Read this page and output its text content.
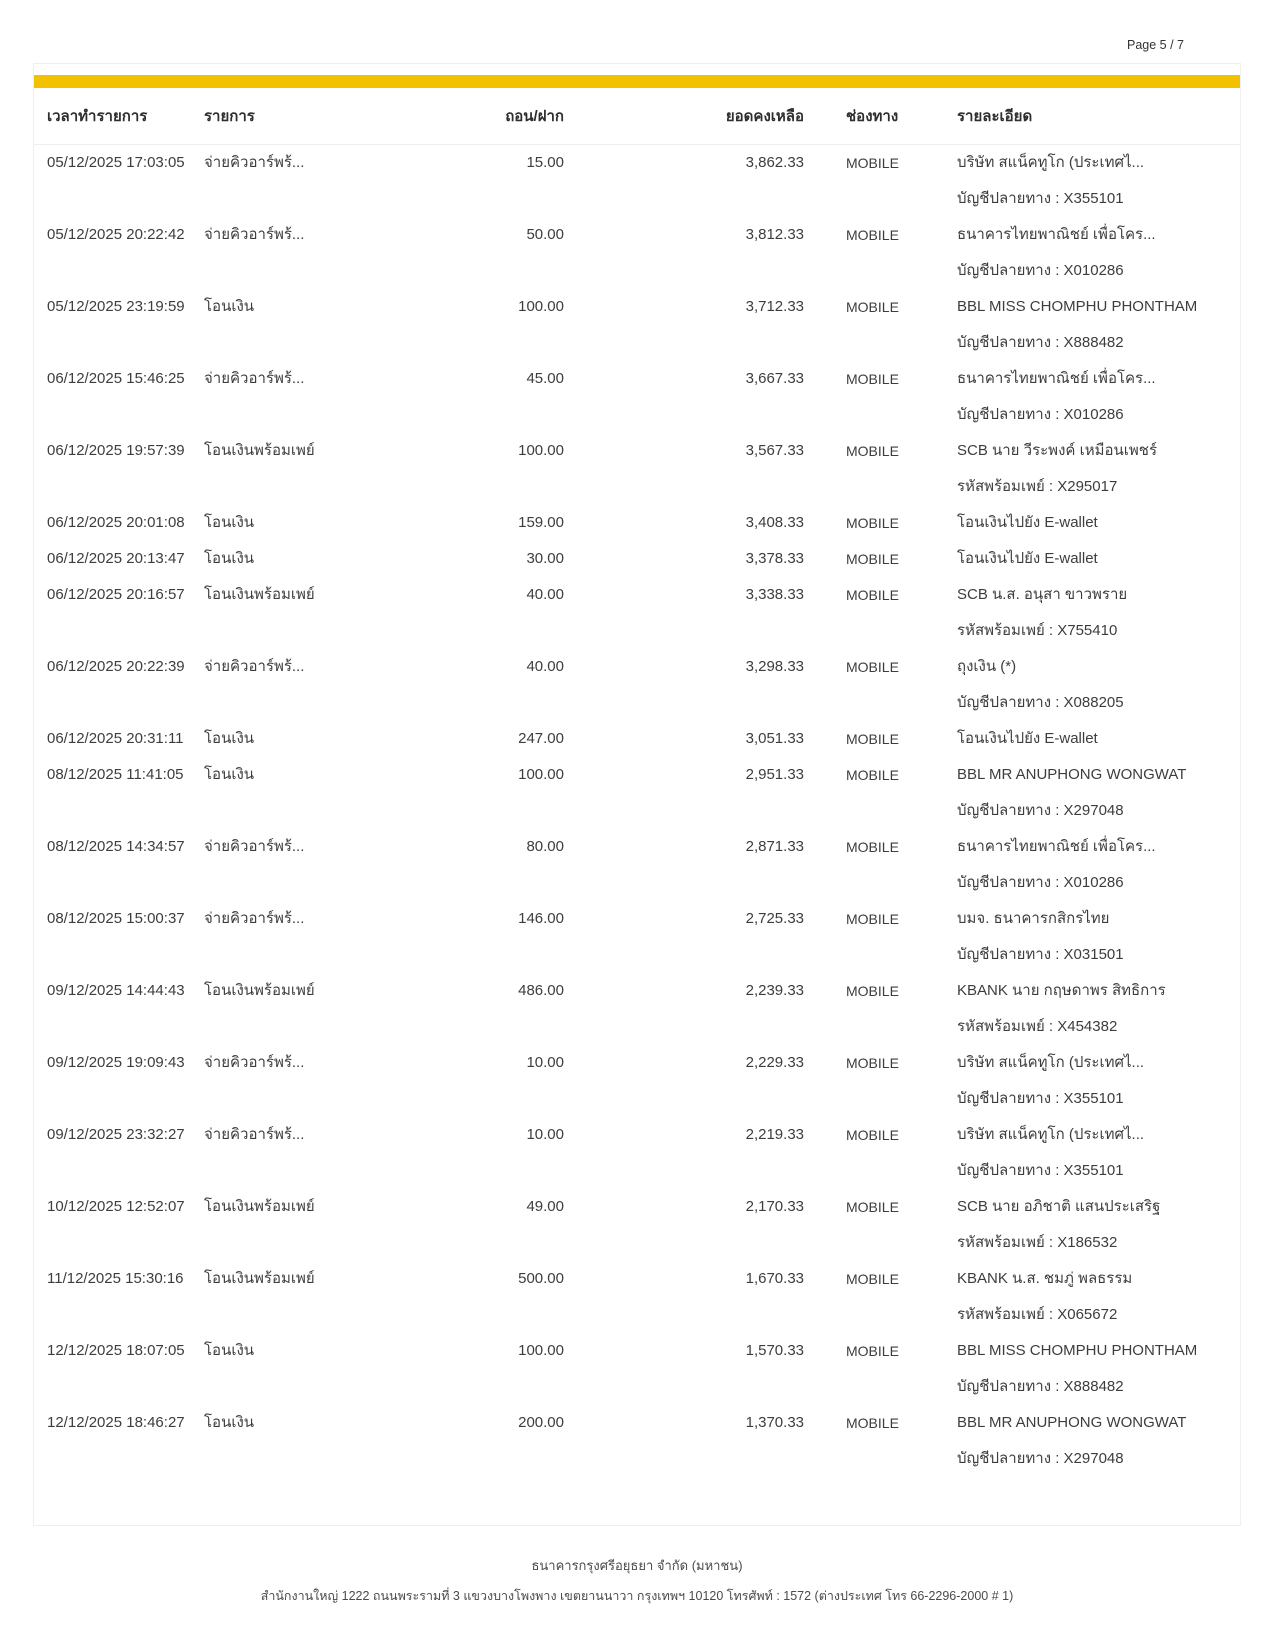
Page 5 / 7
เวลาทำรายการ	รายการ	ถอน/ฝาก	ยอดคงเหลือ	ช่องทาง	รายละเอียด
05/12/2025 17:03:05	จ่ายคิวอาร์พร้...	15.00	3,862.33	MOBILE	บริษัท สแน็คทูโก (ประเทศไ...
บัญชีปลายทาง : X355101
05/12/2025 20:22:42	จ่ายคิวอาร์พร้...	50.00	3,812.33	MOBILE	ธนาคารไทยพาณิชย์ เพื่อโคร...
บัญชีปลายทาง : X010286
05/12/2025 23:19:59	โอนเงิน	100.00	3,712.33	MOBILE	BBL MISS CHOMPHU PHONTHAM
บัญชีปลายทาง : X888482
06/12/2025 15:46:25	จ่ายคิวอาร์พร้...	45.00	3,667.33	MOBILE	ธนาคารไทยพาณิชย์ เพื่อโคร...
บัญชีปลายทาง : X010286
06/12/2025 19:57:39	โอนเงินพร้อมเพย์	100.00	3,567.33	MOBILE	SCB นาย วีระพงค์ เหมือนเพชร์
รหัสพร้อมเพย์ : X295017
06/12/2025 20:01:08	โอนเงิน	159.00	3,408.33	MOBILE	โอนเงินไปยัง E-wallet
06/12/2025 20:13:47	โอนเงิน	30.00	3,378.33	MOBILE	โอนเงินไปยัง E-wallet
06/12/2025 20:16:57	โอนเงินพร้อมเพย์	40.00	3,338.33	MOBILE	SCB น.ส. อนุสา ขาวพราย
รหัสพร้อมเพย์ : X755410
06/12/2025 20:22:39	จ่ายคิวอาร์พร้...	40.00	3,298.33	MOBILE	ถุงเงิน (*)
บัญชีปลายทาง : X088205
06/12/2025 20:31:11	โอนเงิน	247.00	3,051.33	MOBILE	โอนเงินไปยัง E-wallet
08/12/2025 11:41:05	โอนเงิน	100.00	2,951.33	MOBILE	BBL MR ANUPHONG WONGWAT
บัญชีปลายทาง : X297048
08/12/2025 14:34:57	จ่ายคิวอาร์พร้...	80.00	2,871.33	MOBILE	ธนาคารไทยพาณิชย์ เพื่อโคร...
บัญชีปลายทาง : X010286
08/12/2025 15:00:37	จ่ายคิวอาร์พร้...	146.00	2,725.33	MOBILE	บมจ. ธนาคารกสิกรไทย
บัญชีปลายทาง : X031501
09/12/2025 14:44:43	โอนเงินพร้อมเพย์	486.00	2,239.33	MOBILE	KBANK นาย กฤษดาพร สิทธิการ
รหัสพร้อมเพย์ : X454382
09/12/2025 19:09:43	จ่ายคิวอาร์พร้...	10.00	2,229.33	MOBILE	บริษัท สแน็คทูโก (ประเทศไ...
บัญชีปลายทาง : X355101
09/12/2025 23:32:27	จ่ายคิวอาร์พร้...	10.00	2,219.33	MOBILE	บริษัท สแน็คทูโก (ประเทศไ...
บัญชีปลายทาง : X355101
10/12/2025 12:52:07	โอนเงินพร้อมเพย์	49.00	2,170.33	MOBILE	SCB นาย อภิชาติ แสนประเสริฐ
รหัสพร้อมเพย์ : X186532
11/12/2025 15:30:16	โอนเงินพร้อมเพย์	500.00	1,670.33	MOBILE	KBANK น.ส. ชมภู่ พลธรรม
รหัสพร้อมเพย์ : X065672
12/12/2025 18:07:05	โอนเงิน	100.00	1,570.33	MOBILE	BBL MISS CHOMPHU PHONTHAM
บัญชีปลายทาง : X888482
12/12/2025 18:46:27	โอนเงิน	200.00	1,370.33	MOBILE	BBL MR ANUPHONG WONGWAT
บัญชีปลายทาง : X297048
ธนาคารกรุงศรีอยุธยา จำกัด (มหาชน)
สำนักงานใหญ่ 1222 ถนนพระรามที่ 3 แขวงบางโพงพาง เขตยานนาวา กรุงเทพฯ 10120 โทรศัพท์ : 1572 (ต่างประเทศ โทร 66-2296-2000 # 1)
